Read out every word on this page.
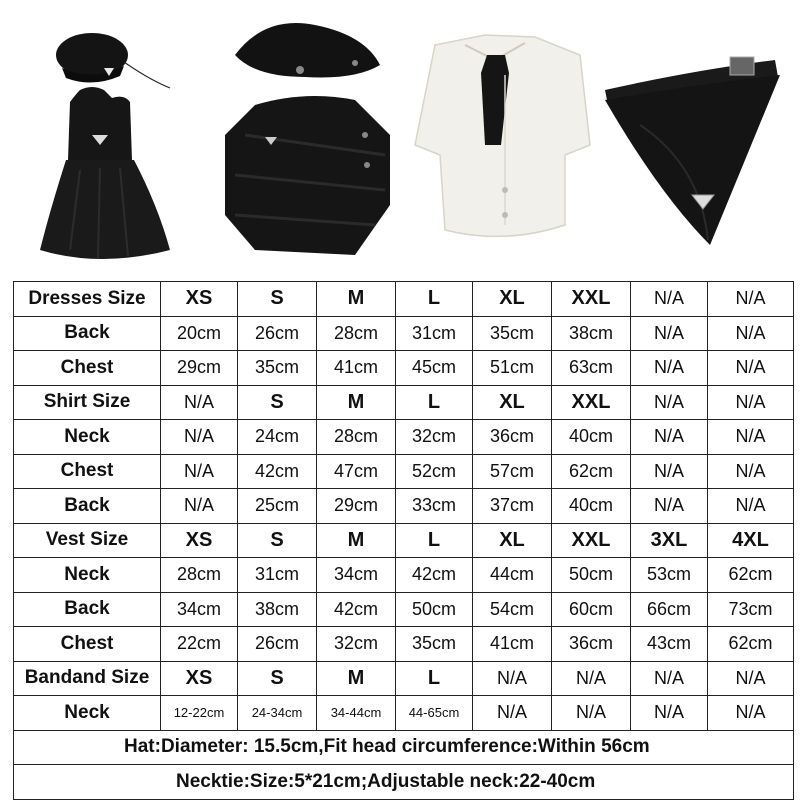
Dresses Size	XS	S	M	L	XL	XXL	N/A	N/A
Back	20cm	26cm	28cm	31cm	35cm	38cm	N/A	N/A
Chest	29cm	35cm	41cm	45cm	51cm	63cm	N/A	N/A
Shirt Size	N/A	S	M	L	XL	XXL	N/A	N/A
Neck	N/A	24cm	28cm	32cm	36cm	40cm	N/A	N/A
Chest	N/A	42cm	47cm	52cm	57cm	62cm	N/A	N/A
Back	N/A	25cm	29cm	33cm	37cm	40cm	N/A	N/A
Vest Size	XS	S	M	L	XL	XXL	3XL	4XL
Neck	28cm	31cm	34cm	42cm	44cm	50cm	53cm	62cm
Back	34cm	38cm	42cm	50cm	54cm	60cm	66cm	73cm
Chest	22cm	26cm	32cm	35cm	41cm	36cm	43cm	62cm
Bandand Size	XS	S	M	L	N/A	N/A	N/A	N/A
Neck	12-22cm	24-34cm	34-44cm	44-65cm	N/A	N/A	N/A	N/A
Hat:Diameter: 15.5cm,Fit head circumference:Within 56cm								
Necktie:Size:5*21cm;Adjustable neck:22-40cm								
